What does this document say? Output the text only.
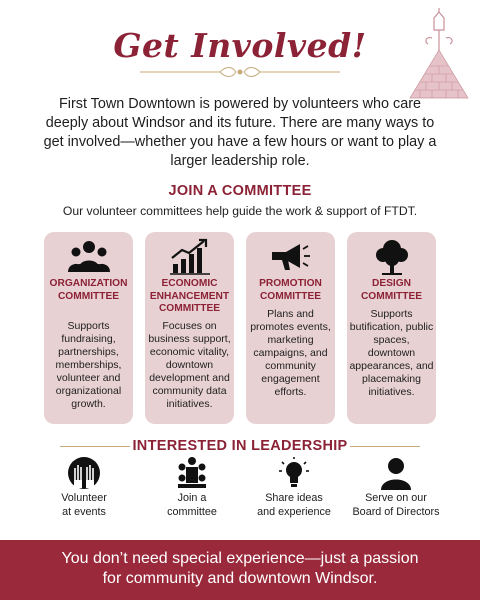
Get Involved!

First Town Downtown is powered by volunteers who care deeply about Windsor and its future. There are many ways to get involved—whether you have a few hours or want to play a larger leadership role.

JOIN A COMMITTEE

Our volunteer committees help guide the work & support of FTDT.

ORGANIZATION COMMITTEE
Supports fundraising, partnerships, memberships, volunteer and organizational growth.
ECONOMIC ENHANCEMENT COMMITTEE
Focuses on business support, economic vitality, downtown development and community data initiatives.
PROMOTION COMMITTEE
Plans and promotes events, marketing campaigns, and community engagement efforts.
DESIGN COMMITTEE
Supports butification, public spaces, downtown appearances, and placemaking initiatives.
INTERESTED IN LEADERSHIP
Volunteer
at events
Join a
committee
Share ideas
and experience
Serve on our
Board of Directors
You don’t need special experience—just a passion
for community and downtown Windsor.
